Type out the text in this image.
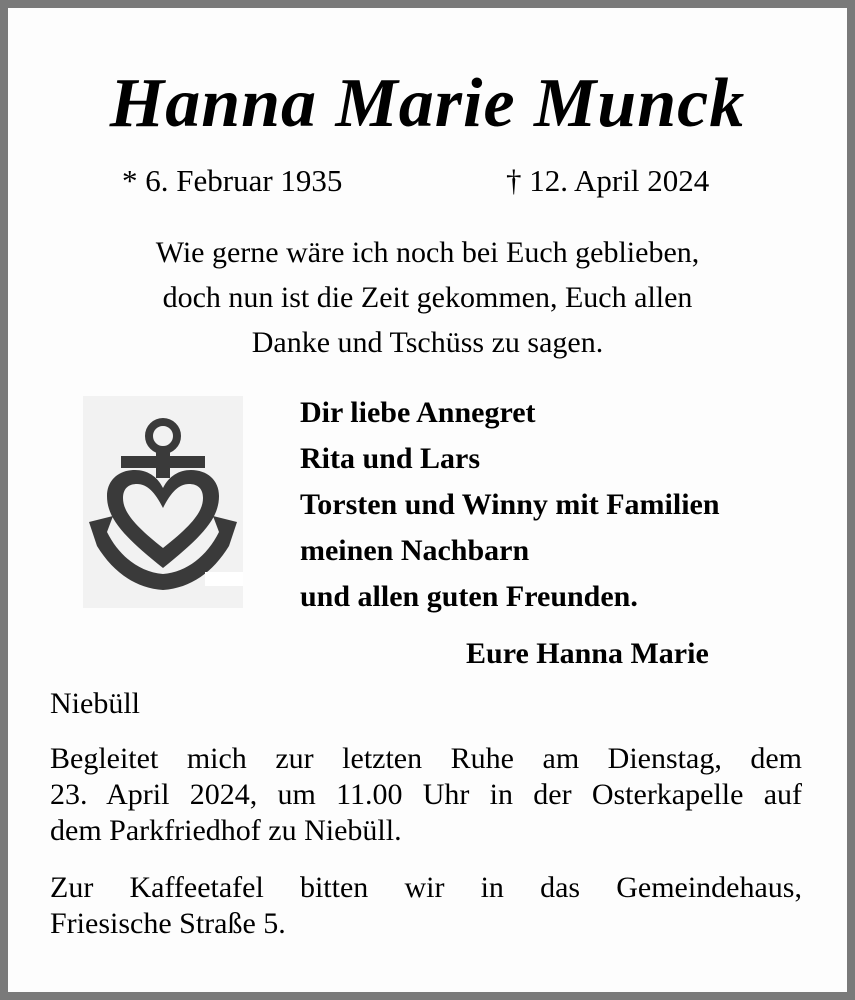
Hanna Marie Munck
* 6. Februar 1935	† 12. April 2024
Wie gerne wäre ich noch bei Euch geblieben,
doch nun ist die Zeit gekommen, Euch allen
Danke und Tschüss zu sagen.
Dir liebe Annegret
Rita und Lars
Torsten und Winny mit Familien
meinen Nachbarn
und allen guten Freunden.
Eure Hanna Marie
Niebüll
Begleitet mich zur letzten Ruhe am Dienstag, dem
23. April 2024, um 11.00 Uhr in der Osterkapelle auf
dem Parkfriedhof zu Niebüll.
Zur Kaffeetafel bitten wir in das Gemeindehaus,
Friesische Straße 5.
